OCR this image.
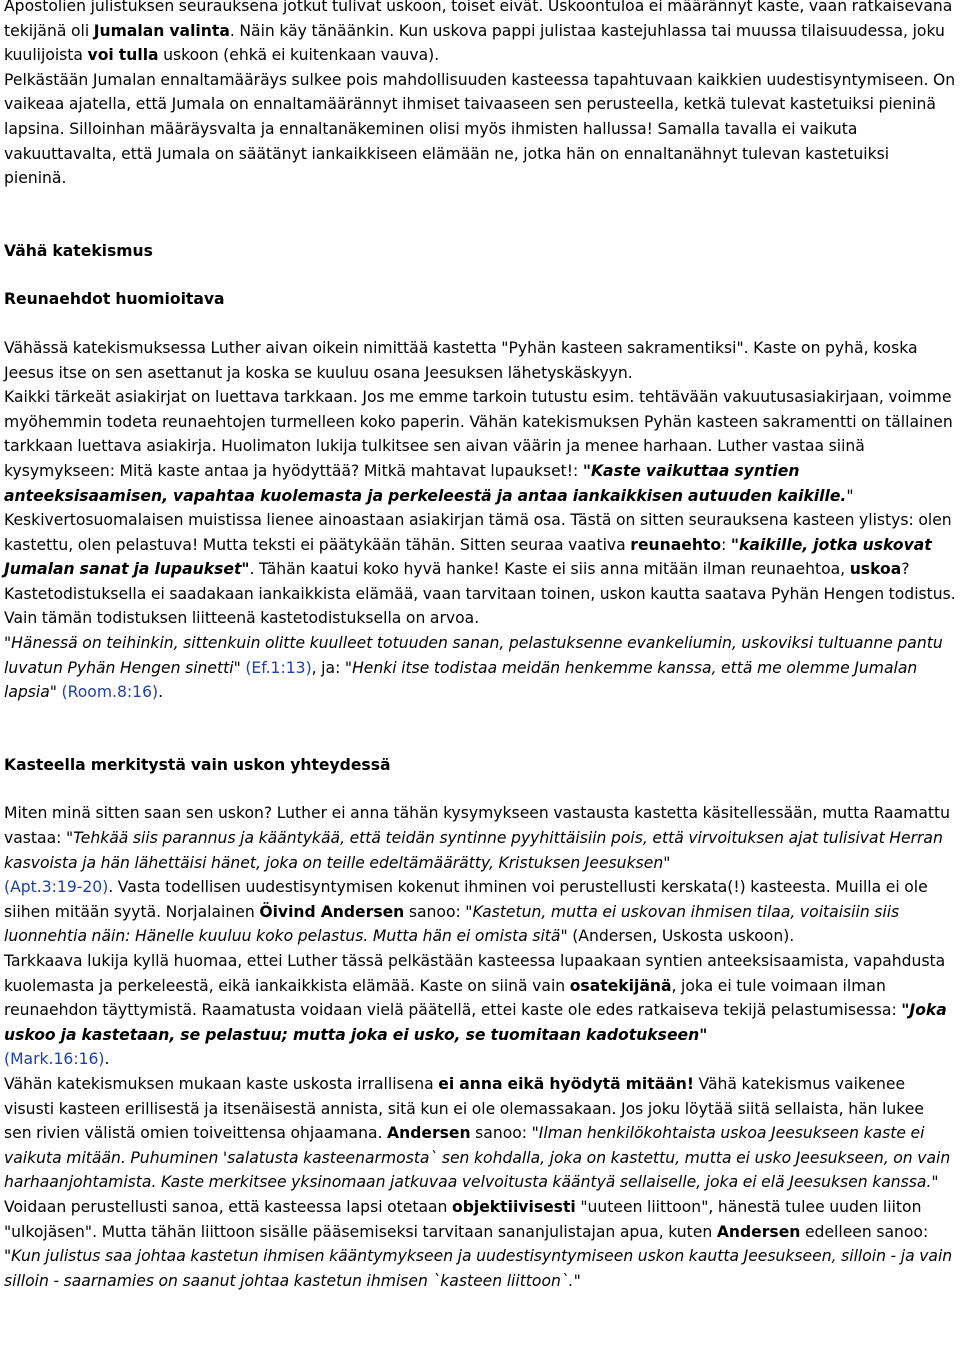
Apostolien julistuksen seurauksena jotkut tulivat uskoon, toiset eivät. Uskoontuloa ei määrännyt kaste, vaan ratkaisevana tekijänä oli Jumalan valinta. Näin käy tänäänkin. Kun uskova pappi julistaa kastejuhlassa tai muussa tilaisuudessa, joku kuulijoista voi tulla uskoon (ehkä ei kuitenkaan vauva).
Pelkästään Jumalan ennaltamääräys sulkee pois mahdollisuuden kasteessa tapahtuvaan kaikkien uudestisyntymiseen. On vaikeaa ajatella, että Jumala on ennaltamäärännyt ihmiset taivaaseen sen perusteella, ketkä tulevat kastetuiksi pieninä lapsina. Silloinhan määräysvalta ja ennaltanäkeminen olisi myös ihmisten hallussa! Samalla tavalla ei vaikuta vakuuttavalta, että Jumala on säätänyt iankaikkiseen elämään ne, jotka hän on ennaltanähnyt tulevan kastetuiksi pieninä.

Vähä katekismus

Reunaehdot huomioitava

Vähässä katekismuksessa Luther aivan oikein nimittää kastetta "Pyhän kasteen sakramentiksi". Kaste on pyhä, koska Jeesus itse on sen asettanut ja koska se kuuluu osana Jeesuksen lähetyskäskyyn.
Kaikki tärkeät asiakirjat on luettava tarkkaan. Jos me emme tarkoin tutustu esim. tehtävään vakuutusasiakirjaan, voimme myöhemmin todeta reunaehtojen turmelleen koko paperin. Vähän katekismuksen Pyhän kasteen sakramentti on tällainen tarkkaan luettava asiakirja. Huolimaton lukija tulkitsee sen aivan väärin ja menee harhaan. Luther vastaa siinä kysymykseen: Mitä kaste antaa ja hyödyttää? Mitkä mahtavat lupaukset!: "Kaste vaikuttaa syntien anteeksisaamisen, vapahtaa kuolemasta ja perkeleestä ja antaa iankaikkisen autuuden kaikille." Keskivertosuomalaisen muistissa lienee ainoastaan asiakirjan tämä osa. Tästä on sitten seurauksena kasteen ylistys: olen kastettu, olen pelastuva! Mutta teksti ei päätykään tähän. Sitten seuraa vaativa reunaehto: "kaikille, jotka uskovat Jumalan sanat ja lupaukset". Tähän kaatui koko hyvä hanke! Kaste ei siis anna mitään ilman reunaehtoa, uskoa? Kastetodistuksella ei saadakaan iankaikkista elämää, vaan tarvitaan toinen, uskon kautta saatava Pyhän Hengen todistus. Vain tämän todistuksen liitteenä kastetodistuksella on arvoa.
"Hänessä on teihinkin, sittenkuin olitte kuulleet totuuden sanan, pelastuksenne evankeliumin, uskoviksi tultuanne pantu luvatun Pyhän Hengen sinetti" (Ef.1:13), ja: "Henki itse todistaa meidän henkemme kanssa, että me olemme Jumalan lapsia" (Room.8:16).

Kasteella merkitystä vain uskon yhteydessä

Miten minä sitten saan sen uskon? Luther ei anna tähän kysymykseen vastausta kastetta käsitellessään, mutta Raamattu vastaa: "Tehkää siis parannus ja kääntykää, että teidän syntinne pyyhittäisiin pois, että virvoituksen ajat tulisivat Herran kasvoista ja hän lähettäisi hänet, joka on teille edeltämäärätty, Kristuksen Jeesuksen"
(Apt.3:19-20). Vasta todellisen uudestisyntymisen kokenut ihminen voi perustellusti kerskata(!) kasteesta. Muilla ei ole siihen mitään syytä. Norjalainen Öivind Andersen sanoo: "Kastetun, mutta ei uskovan ihmisen tilaa, voitaisiin siis luonnehtia näin: Hänelle kuuluu koko pelastus. Mutta hän ei omista sitä" (Andersen, Uskosta uskoon).
Tarkkaava lukija kyllä huomaa, ettei Luther tässä pelkästään kasteessa lupaakaan syntien anteeksisaamista, vapahdusta kuolemasta ja perkeleestä, eikä iankaikkista elämää. Kaste on siinä vain osatekijänä, joka ei tule voimaan ilman reunaehdon täyttymistä. Raamatusta voidaan vielä päätellä, ettei kaste ole edes ratkaiseva tekijä pelastumisessa: "Joka uskoo ja kastetaan, se pelastuu; mutta joka ei usko, se tuomitaan kadotukseen"
(Mark.16:16).
Vähän katekismuksen mukaan kaste uskosta irrallisena ei anna eikä hyödytä mitään! Vähä katekismus vaikenee visusti kasteen erillisestä ja itsenäisestä annista, sitä kun ei ole olemassakaan. Jos joku löytää siitä sellaista, hän lukee sen rivien välistä omien toiveittensa ohjaamana. Andersen sanoo: "Ilman henkilökohtaista uskoa Jeesukseen kaste ei vaikuta mitään. Puhuminen 'salatusta kasteenarmosta` sen kohdalla, joka on kastettu, mutta ei usko Jeesukseen, on vain harhaanjohtamista. Kaste merkitsee yksinomaan jatkuvaa velvoitusta kääntyä sellaiselle, joka ei elä Jeesuksen kanssa."
Voidaan perustellusti sanoa, että kasteessa lapsi otetaan objektiivisesti "uuteen liittoon", hänestä tulee uuden liiton "ulkojäsen". Mutta tähän liittoon sisälle pääsemiseksi tarvitaan sananjulistajan apua, kuten Andersen edelleen sanoo: "Kun julistus saa johtaa kastetun ihmisen kääntymykseen ja uudestisyntymiseen uskon kautta Jeesukseen, silloin - ja vain silloin - saarnamies on saanut johtaa kastetun ihmisen `kasteen liittoon`."
